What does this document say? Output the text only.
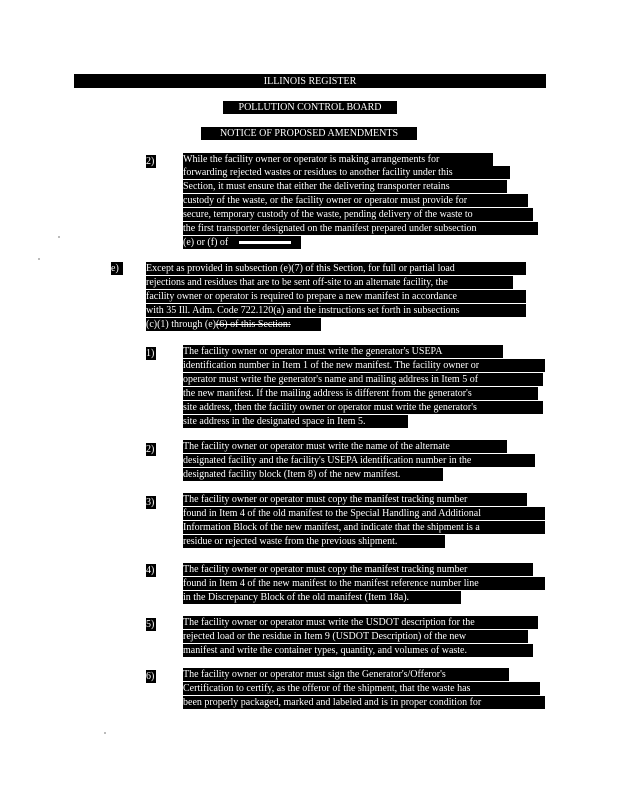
ILLINOIS REGISTER
POLLUTION CONTROL BOARD
NOTICE OF PROPOSED AMENDMENTS
2)	While the facility owner or operator is making arrangements for
forwarding rejected wastes or residues to another facility under this
Section, it must ensure that either the delivering transporter retains
custody of the waste, or the facility owner or operator must provide for
secure, temporary custody of the waste, pending delivery of the waste to
the first transporter designated on the manifest prepared under subsection
(e) or (f) of
e)	Except as provided in subsection (e)(7) of this Section, for full or partial load
rejections and residues that are to be sent off-site to an alternate facility, the
facility owner or operator is required to prepare a new manifest in accordance
with 35 Ill. Adm. Code 722.120(a) and the instructions set forth in subsections
(c)(1) through (e)(6) of this Section:
1)	The facility owner or operator must write the generator's USEPA
identification number in Item 1 of the new manifest. The facility owner or
operator must write the generator's name and mailing address in Item 5 of
the new manifest. If the mailing address is different from the generator's
site address, then the facility owner or operator must write the generator's
site address in the designated space in Item 5.
2)	The facility owner or operator must write the name of the alternate
designated facility and the facility's USEPA identification number in the
designated facility block (Item 8) of the new manifest.
3)	The facility owner or operator must copy the manifest tracking number
found in Item 4 of the old manifest to the Special Handling and Additional
Information Block of the new manifest, and indicate that the shipment is a
residue or rejected waste from the previous shipment.
4)	The facility owner or operator must copy the manifest tracking number
found in Item 4 of the new manifest to the manifest reference number line
in the Discrepancy Block of the old manifest (Item 18a).
5)	The facility owner or operator must write the USDOT description for the
rejected load or the residue in Item 9 (USDOT Description) of the new
manifest and write the container types, quantity, and volumes of waste.
6)	The facility owner or operator must sign the Generator's/Offeror's
Certification to certify, as the offeror of the shipment, that the waste has
been properly packaged, marked and labeled and is in proper condition for
